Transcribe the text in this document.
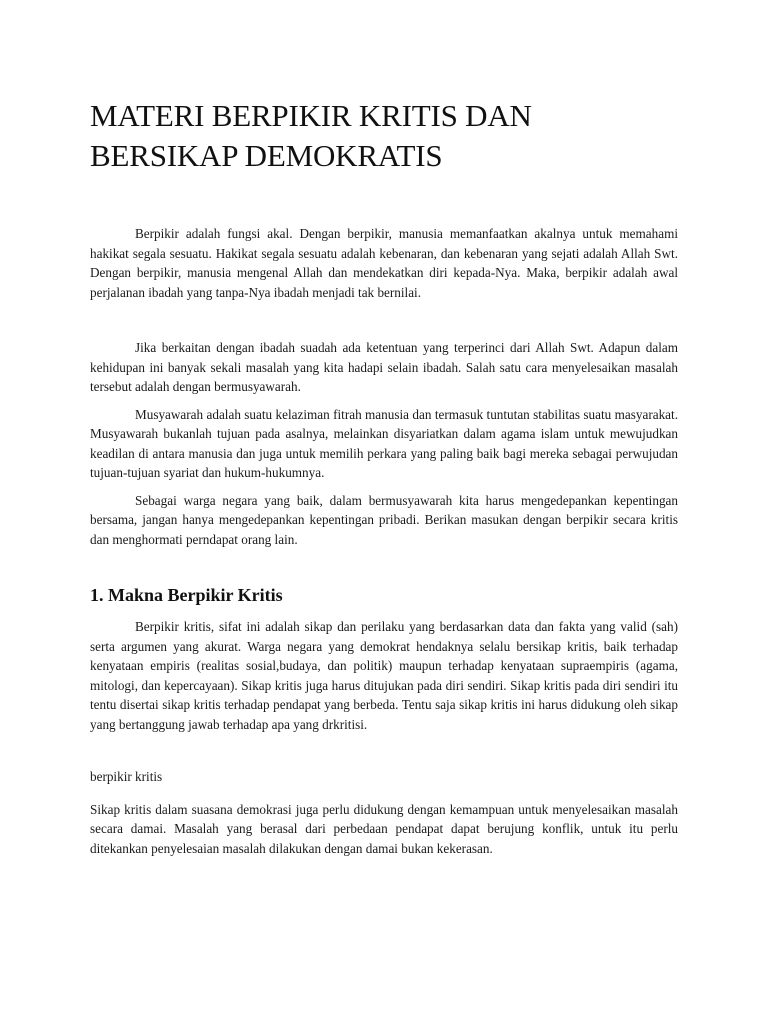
MATERI BERPIKIR KRITIS DAN
BERSIKAP DEMOKRATIS

Berpikir adalah fungsi akal. Dengan berpikir, manusia memanfaatkan akalnya untuk memahami hakikat segala sesuatu. Hakikat segala sesuatu adalah kebenaran, dan kebenaran yang sejati adalah Allah Swt. Dengan berpikir, manusia mengenal Allah dan mendekatkan diri kepada-Nya. Maka, berpikir adalah awal perjalanan ibadah yang tanpa-Nya ibadah menjadi tak bernilai.

Jika berkaitan dengan ibadah suadah ada ketentuan yang terperinci dari Allah Swt. Adapun dalam kehidupan ini banyak sekali masalah yang kita hadapi selain ibadah. Salah satu cara menyelesaikan masalah tersebut adalah dengan bermusyawarah.

Musyawarah adalah suatu kelaziman fitrah manusia dan termasuk tuntutan stabilitas suatu masyarakat. Musyawarah bukanlah tujuan pada asalnya, melainkan disyariatkan dalam agama islam untuk mewujudkan keadilan di antara manusia dan juga untuk memilih perkara yang paling baik bagi mereka sebagai perwujudan tujuan-tujuan syariat dan hukum-hukumnya.

Sebagai warga negara yang baik, dalam bermusyawarah kita harus mengedepankan kepentingan bersama, jangan hanya mengedepankan kepentingan pribadi. Berikan masukan dengan berpikir secara kritis dan menghormati perndapat orang lain.

1. Makna Berpikir Kritis

Berpikir kritis, sifat ini adalah sikap dan perilaku yang berdasarkan data dan fakta yang valid (sah) serta argumen yang akurat. Warga negara yang demokrat hendaknya selalu bersikap kritis, baik terhadap kenyataan empiris (realitas sosial,budaya, dan politik) maupun terhadap kenyataan supraempiris (agama, mitologi, dan kepercayaan). Sikap kritis juga harus ditujukan pada diri sendiri. Sikap kritis pada diri sendiri itu tentu disertai sikap kritis terhadap pendapat yang berbeda. Tentu saja sikap kritis ini harus didukung oleh sikap yang bertanggung jawab terhadap apa yang drkritisi.

berpikir kritis

Sikap kritis dalam suasana demokrasi juga perlu didukung dengan kemampuan untuk menyelesaikan masalah secara damai. Masalah yang berasal dari perbedaan pendapat dapat berujung konflik, untuk itu perlu ditekankan penyelesaian masalah dilakukan dengan damai bukan kekerasan.
